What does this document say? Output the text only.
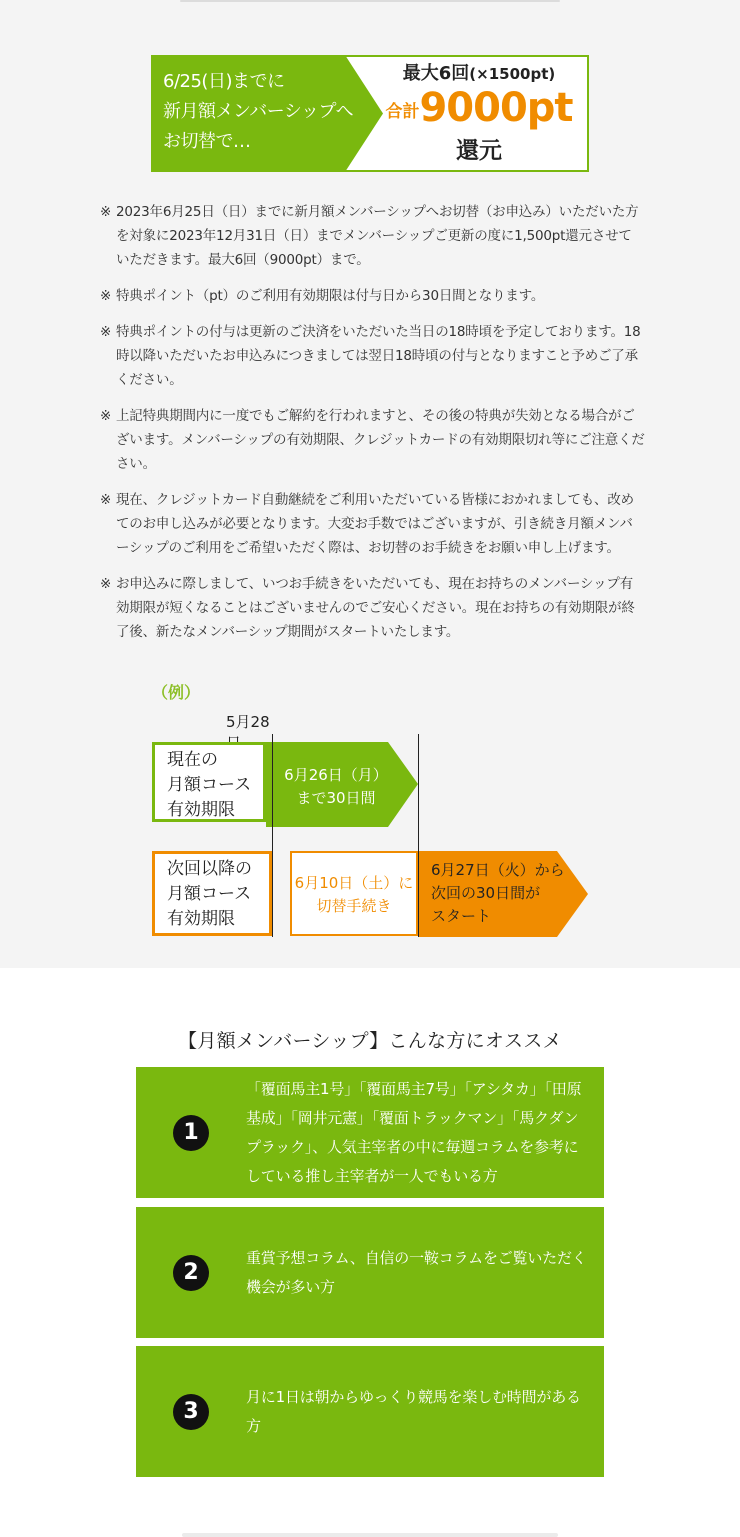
6/25(日)までに
新月額メンバーシップへ
お切替で…
最大6回(×1500pt)
合計9000pt
還元
※ 2023年6月25日（日）までに新月額メンバーシップへお切替（お申込み）いただいた方を対象に2023年12月31日（日）までメンバーシップご更新の度に1,500pt還元させていただきます。最大6回（9000pt）まで。
※ 特典ポイント（pt）のご利用有効期限は付与日から30日間となります。
※ 特典ポイントの付与は更新のご決済をいただいた当日の18時頃を予定しております。18時以降いただいたお申込みにつきましては翌日18時頃の付与となりますこと予めご了承ください。
※ 上記特典期間内に一度でもご解約を行われますと、その後の特典が失効となる場合がございます。メンバーシップの有効期限、クレジットカードの有効期限切れ等にご注意ください。
※ 現在、クレジットカード自動継続をご利用いただいている皆様におかれましても、改めてのお申し込みが必要となります。大変お手数ではございますが、引き続き月額メンバーシップのご利用をご希望いただく際は、お切替のお手続きをお願い申し上げます。
※ お申込みに際しまして、いつお手続きをいただいても、現在お持ちのメンバーシップ有効期限が短くなることはございませんのでご安心ください。現在お持ちの有効期限が終了後、新たなメンバーシップ期間がスタートいたします。
（例）
5月28
現在の
月額コース
有効期限
6月26日（月）
まで30日間
次回以降の
月額コース
有効期限
6月10日（土）に
切替手続き
6月27日（火）から
次回の30日間が
スタート
【月額メンバーシップ】こんな方にオススメ
1
「覆面馬主1号」「覆面馬主7号」「アシタカ」「田原基成」「岡井元憲」「覆面トラックマン」「馬クダンプラック」、人気主宰者の中に毎週コラムを参考にしている推し主宰者が一人でもいる方
2
重賞予想コラム、自信の一鞍コラムをご覧いただく機会が多い方
3
月に1日は朝からゆっくり競馬を楽しむ時間がある方
